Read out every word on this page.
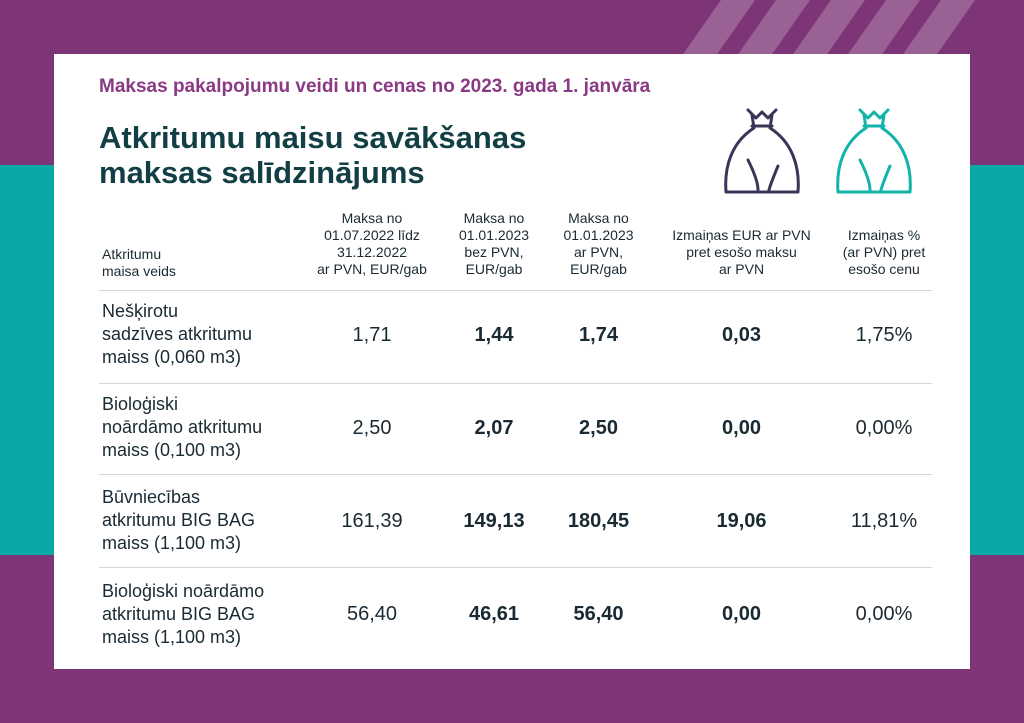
Maksas pakalpojumu veidi un cenas no 2023. gada 1. janvāra
Atkritumu maisu savākšanas
maksas salīdzinājums
Atkritumu
maisa veids
Maksa no
01.07.2022 līdz
31.12.2022
ar PVN, EUR/gab
Maksa no
01.01.2023
bez PVN,
EUR/gab
Maksa no
01.01.2023
ar PVN,
EUR/gab
Izmaiņas EUR ar PVN
pret esošo maksu
ar PVN
Izmaiņas %
(ar PVN) pret
esošo cenu
Nešķirotu
sadzīves atkritumu
maiss (0,060 m3)
1,71	1,44	1,74	0,03	1,75%
Bioloģiski
noārdāmo atkritumu
maiss (0,100 m3)
2,50	2,07	2,50	0,00	0,00%
Būvniecības
atkritumu BIG BAG
maiss (1,100 m3)
161,39	149,13	180,45	19,06	11,81%
Bioloģiski noārdāmo
atkritumu BIG BAG
maiss (1,100 m3)
56,40	46,61	56,40	0,00	0,00%
